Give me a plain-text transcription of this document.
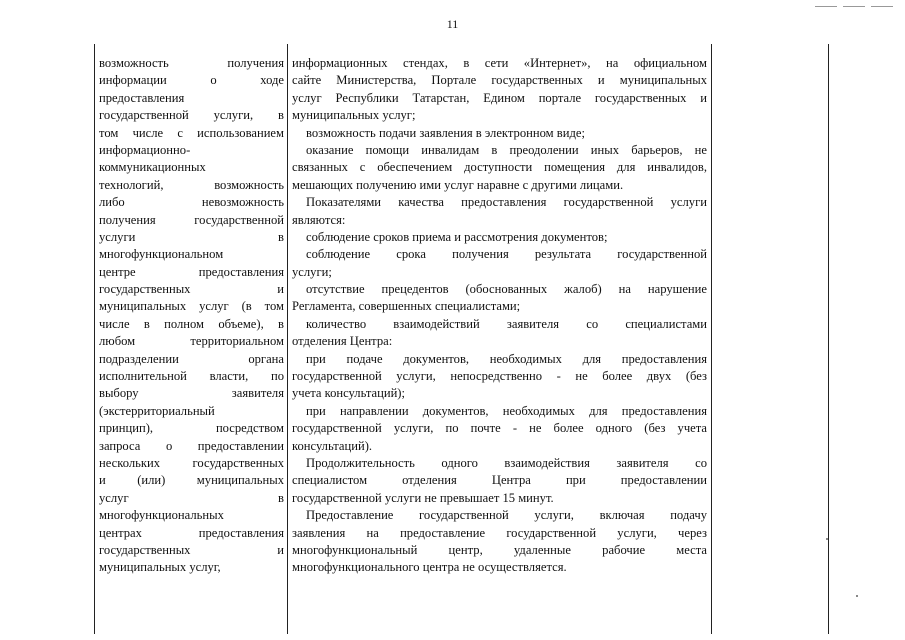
11
возможность получения
информации о ходе
предоставления
государственной услуги, в
том числе с использованием
информационно-
коммуникационных
технологий, возможность
либо невозможность
получения государственной
услуги в
многофункциональном
центре предоставления
государственных и
муниципальных услуг (в том
числе в полном объеме), в
любом территориальном
подразделении органа
исполнительной власти, по
выбору заявителя
(экстерриториальный
принцип), посредством
запроса о предоставлении
нескольких государственных
и (или) муниципальных
услуг в
многофункциональных
центрах предоставления
государственных и
муниципальных услуг,
информационных стендах, в сети «Интернет», на официальном
сайте Министерства, Портале государственных и муниципальных
услуг Республики Татарстан, Едином портале государственных и
муниципальных услуг;
возможность подачи заявления в электронном виде;
оказание помощи инвалидам в преодолении иных барьеров, не
связанных с обеспечением доступности помещения для инвалидов,
мешающих получению ими услуг наравне с другими лицами.
Показателями качества предоставления государственной услуги
являются:
соблюдение сроков приема и рассмотрения документов;
соблюдение срока получения результата государственной
услуги;
отсутствие прецедентов (обоснованных жалоб) на нарушение
Регламента, совершенных специалистами;
количество взаимодействий заявителя со специалистами
отделения Центра:
при подаче документов, необходимых для предоставления
государственной услуги, непосредственно - не более двух (без
учета консультаций);
при направлении документов, необходимых для предоставления
государственной услуги, по почте - не более одного (без учета
консультаций).
Продолжительность одного взаимодействия заявителя со
специалистом отделения Центра при предоставлении
государственной услуги не превышает 15 минут.
Предоставление государственной услуги, включая подачу
заявления на предоставление государственной услуги, через
многофункциональный центр, удаленные рабочие места
многофункционального центра не осуществляется.
